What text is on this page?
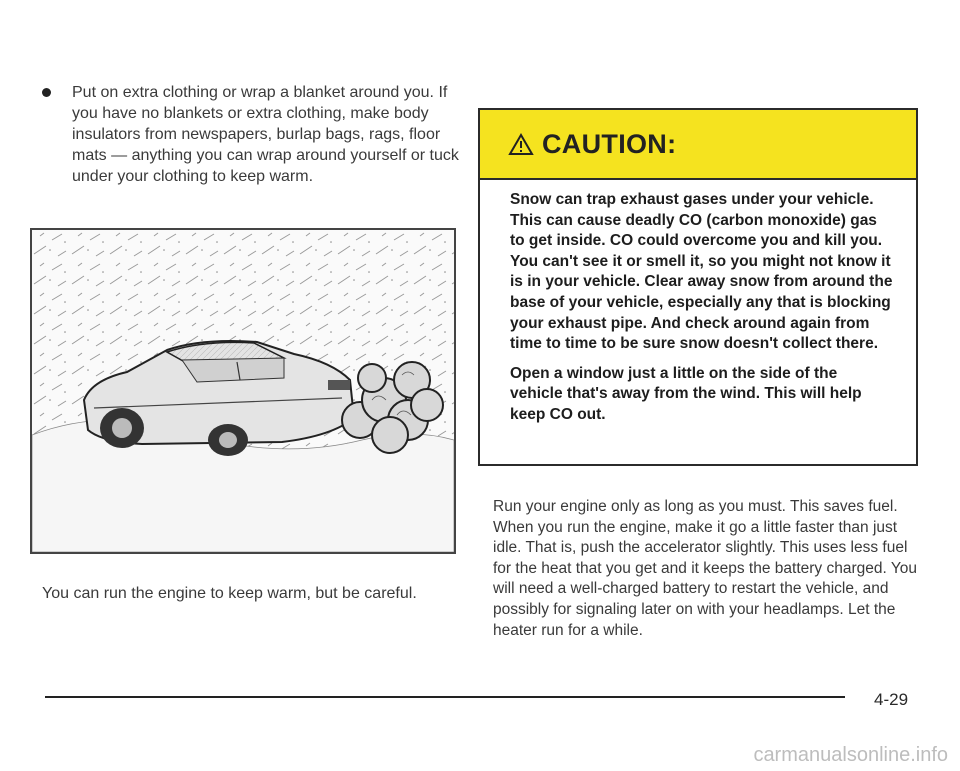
Put on extra clothing or wrap a blanket around you. If you have no blankets or extra clothing, make body insulators from newspapers, burlap bags, rags, floor mats — anything you can wrap around yourself or tuck under your clothing to keep warm.

You can run the engine to keep warm, but be careful.
CAUTION:

Snow can trap exhaust gases under your vehicle. This can cause deadly CO (carbon monoxide) gas to get inside. CO could overcome you and kill you. You can't see it or smell it, so you might not know it is in your vehicle. Clear away snow from around the base of your vehicle, especially any that is blocking your exhaust pipe. And check around again from time to time to be sure snow doesn't collect there.

Open a window just a little on the side of the vehicle that's away from the wind. This will help keep CO out.

Run your engine only as long as you must. This saves fuel. When you run the engine, make it go a little faster than just idle. That is, push the accelerator slightly. This uses less fuel for the heat that you get and it keeps the battery charged. You will need a well-charged battery to restart the vehicle, and possibly for signaling later on with your headlamps. Let the heater run for a while.

4-29
carmanualsonline.info
